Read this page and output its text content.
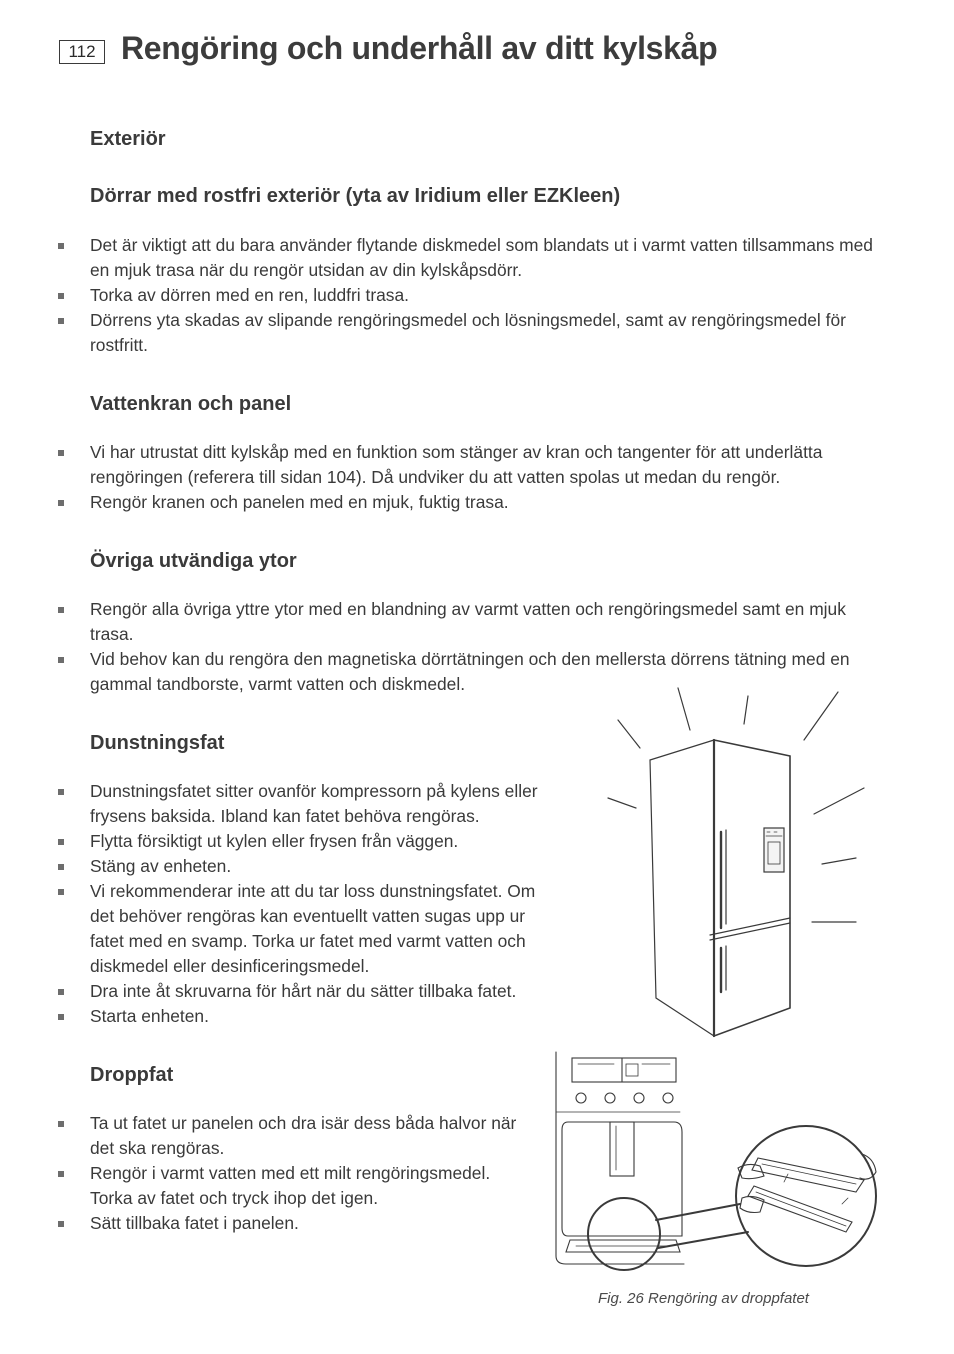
112 Rengöring och underhåll av ditt kylskåp
Exteriör
Dörrar med rostfri exteriör (yta av Iridium eller EZKleen)
Det är viktigt att du bara använder flytande diskmedel som blandats ut i varmt vatten tillsammans med en mjuk trasa när du rengör utsidan av din kylskåpsdörr.
Torka av dörren med en ren, luddfri trasa.
Dörrens yta skadas av slipande rengöringsmedel och lösningsmedel, samt av rengöringsmedel för rostfritt.
Vattenkran och panel
Vi har utrustat ditt kylskåp med en funktion som stänger av kran och tangenter för att underlätta rengöringen (referera till sidan 104). Då undviker du att vatten spolas ut medan du rengör.
Rengör kranen och panelen med en mjuk, fuktig trasa.
Övriga utvändiga ytor
Rengör alla övriga yttre ytor med en blandning av varmt vatten och rengöringsmedel samt en mjuk trasa.
Vid behov kan du rengöra den magnetiska dörrtätningen och den mellersta dörrens tätning med en gammal tandborste, varmt vatten och diskmedel.
Dunstningsfat
Dunstningsfatet sitter ovanför kompressorn på kylens eller frysens baksida. Ibland kan fatet behöva rengöras.
Flytta försiktigt ut kylen eller frysen från väggen.
Stäng av enheten.
Vi rekommenderar inte att du tar loss dunstningsfatet. Om det behöver rengöras kan eventuellt vatten sugas upp ur fatet med en svamp. Torka ur fatet med varmt vatten och diskmedel eller desinficeringsmedel.
Dra inte åt skruvarna för hårt när du sätter tillbaka fatet.
Starta enheten.
Droppfat
Ta ut fatet ur panelen och dra isär dess båda halvor när det ska rengöras.
Rengör i varmt vatten med ett milt rengöringsmedel. Torka av fatet och tryck ihop det igen.
Sätt tillbaka fatet i panelen.

Fig. 26 Rengöring av droppfatet
